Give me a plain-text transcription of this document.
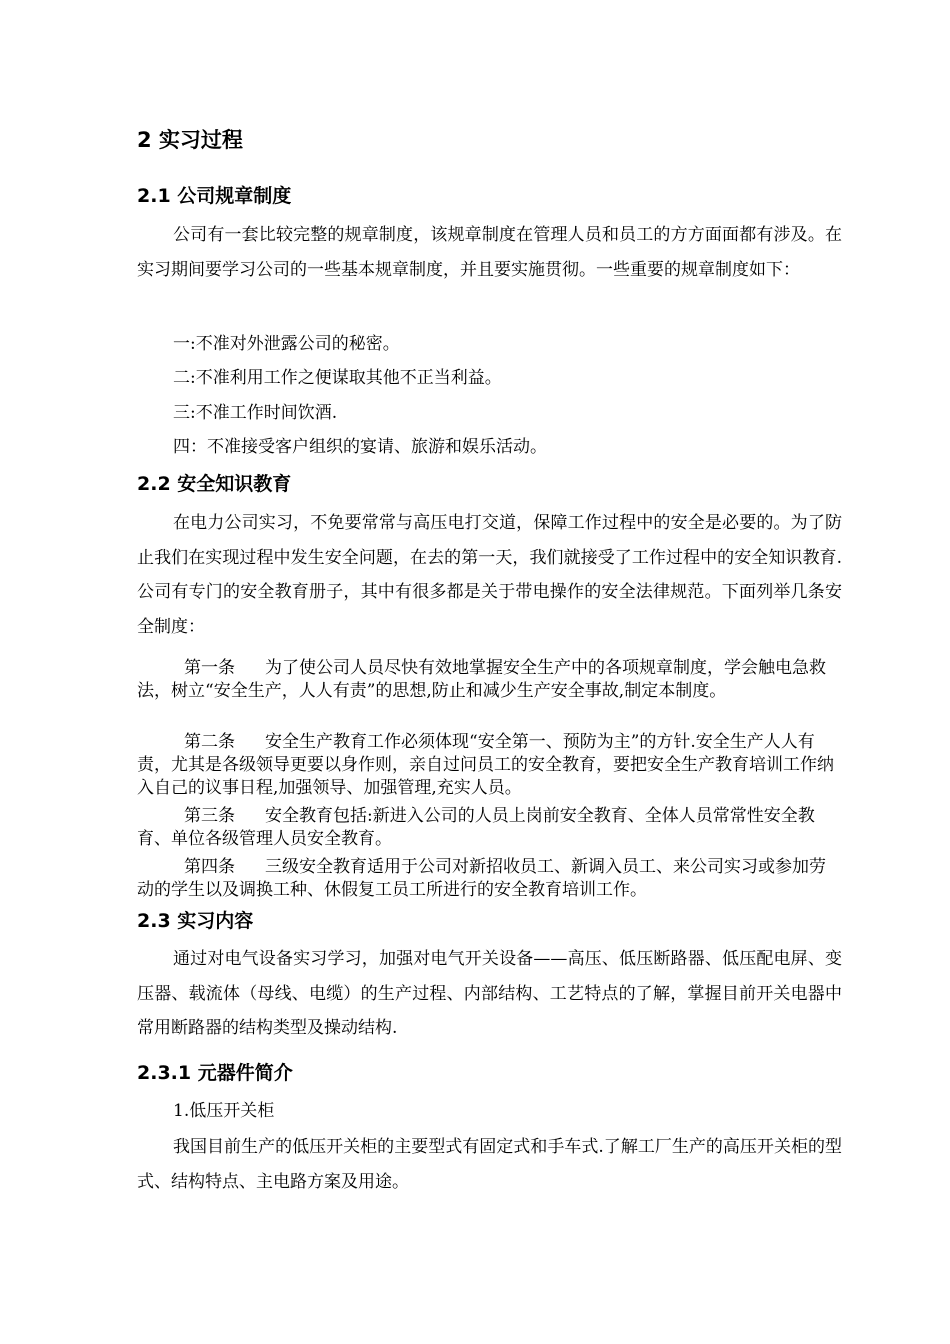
2 实习过程
2.1 公司规章制度
公司有一套比较完整的规章制度，该规章制度在管理人员和员工的方方面面都有涉及。在实习期间要学习公司的一些基本规章制度，并且要实施贯彻。一些重要的规章制度如下：
一:不准对外泄露公司的秘密。
二:不准利用工作之便谋取其他不正当利益。
三:不准工作时间饮酒.
四：不准接受客户组织的宴请、旅游和娱乐活动。
2.2 安全知识教育
在电力公司实习，不免要常常与高压电打交道，保障工作过程中的安全是必要的。为了防止我们在实现过程中发生安全问题，在去的第一天，我们就接受了工作过程中的安全知识教育.公司有专门的安全教育册子，其中有很多都是关于带电操作的安全法律规范。下面列举几条安全制度：
第一条 为了使公司人员尽快有效地掌握安全生产中的各项规章制度，学会触电急救法，树立“安全生产，人人有责”的思想,防止和减少生产安全事故,制定本制度。
第二条 安全生产教育工作必须体现“安全第一、预防为主”的方针.安全生产人人有责，尤其是各级领导更要以身作则，亲自过问员工的安全教育，要把安全生产教育培训工作纳入自己的议事日程,加强领导、加强管理,充实人员。
第三条 安全教育包括:新进入公司的人员上岗前安全教育、全体人员常常性安全教育、单位各级管理人员安全教育。
第四条 三级安全教育适用于公司对新招收员工、新调入员工、来公司实习或参加劳动的学生以及调换工种、休假复工员工所进行的安全教育培训工作。
2.3 实习内容
通过对电气设备实习学习，加强对电气开关设备——高压、低压断路器、低压配电屏、变压器、载流体（母线、电缆）的生产过程、内部结构、工艺特点的了解，掌握目前开关电器中常用断路器的结构类型及操动结构.
2.3.1 元器件简介
1.低压开关柜
我国目前生产的低压开关柜的主要型式有固定式和手车式.了解工厂生产的高压开关柜的型式、结构特点、主电路方案及用途。
